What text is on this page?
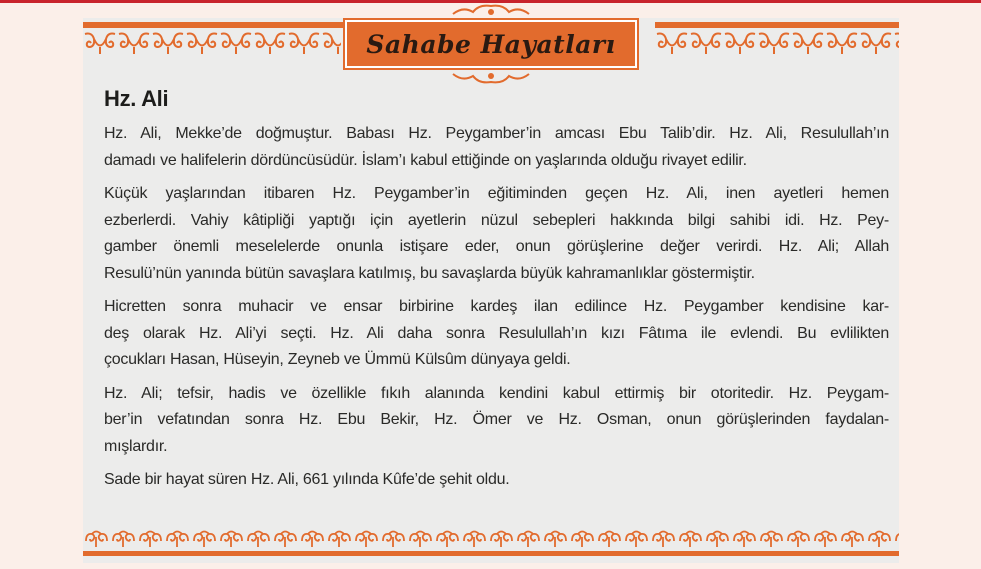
Sahabe Hayatları
Hz. Ali
Hz. Ali, Mekke’de doğmuştur. Babası Hz. Peygamber’in amcası Ebu Talib’dir. Hz. Ali, Resulullah’ın
damadı ve halifelerin dördüncüsüdür. İslam’ı kabul ettiğinde on yaşlarında olduğu rivayet edilir.
Küçük yaşlarından itibaren Hz. Peygamber’in eğitiminden geçen Hz. Ali, inen ayetleri hemen
ezberlerdi. Vahiy kâtipliği yaptığı için ayetlerin nüzul sebepleri hakkında bilgi sahibi idi. Hz. Pey-
gamber önemli meselelerde onunla istişare eder, onun görüşlerine değer verirdi. Hz. Ali; Allah
Resulü’nün yanında bütün savaşlara katılmış, bu savaşlarda büyük kahramanlıklar göstermiştir.
Hicretten sonra muhacir ve ensar birbirine kardeş ilan edilince Hz. Peygamber kendisine kar-
deş olarak Hz. Ali’yi seçti. Hz. Ali daha sonra Resulullah’ın kızı Fâtıma ile evlendi. Bu evlilikten
çocukları Hasan, Hüseyin, Zeyneb ve Ümmü Külsûm dünyaya geldi.
Hz. Ali; tefsir, hadis ve özellikle fıkıh alanında kendini kabul ettirmiş bir otoritedir. Hz. Peygam-
ber’in vefatından sonra Hz. Ebu Bekir, Hz. Ömer ve Hz. Osman, onun görüşlerinden faydalan-
mışlardır.
Sade bir hayat süren Hz. Ali, 661 yılında Kûfe’de şehit oldu.
